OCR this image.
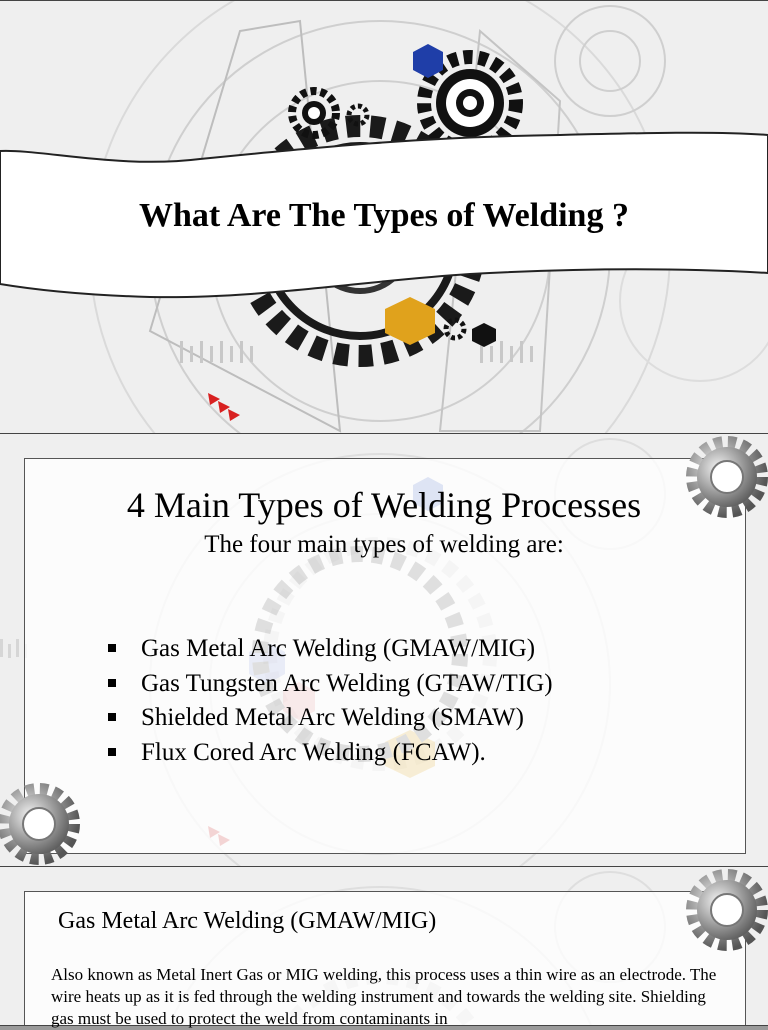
What Are The Types of Welding ?
4 Main Types of Welding Processes
The four main types of welding are:
Gas Metal Arc Welding (GMAW/MIG)
Gas Tungsten Arc Welding (GTAW/TIG)
Shielded Metal Arc Welding (SMAW)
Flux Cored Arc Welding (FCAW).
Gas Metal Arc Welding (GMAW/MIG)
Also known as Metal Inert Gas or MIG welding, this process uses a thin wire as an electrode. The wire heats up as it is fed through the welding instrument and towards the welding site. Shielding gas must be used to protect the weld from contaminants in
